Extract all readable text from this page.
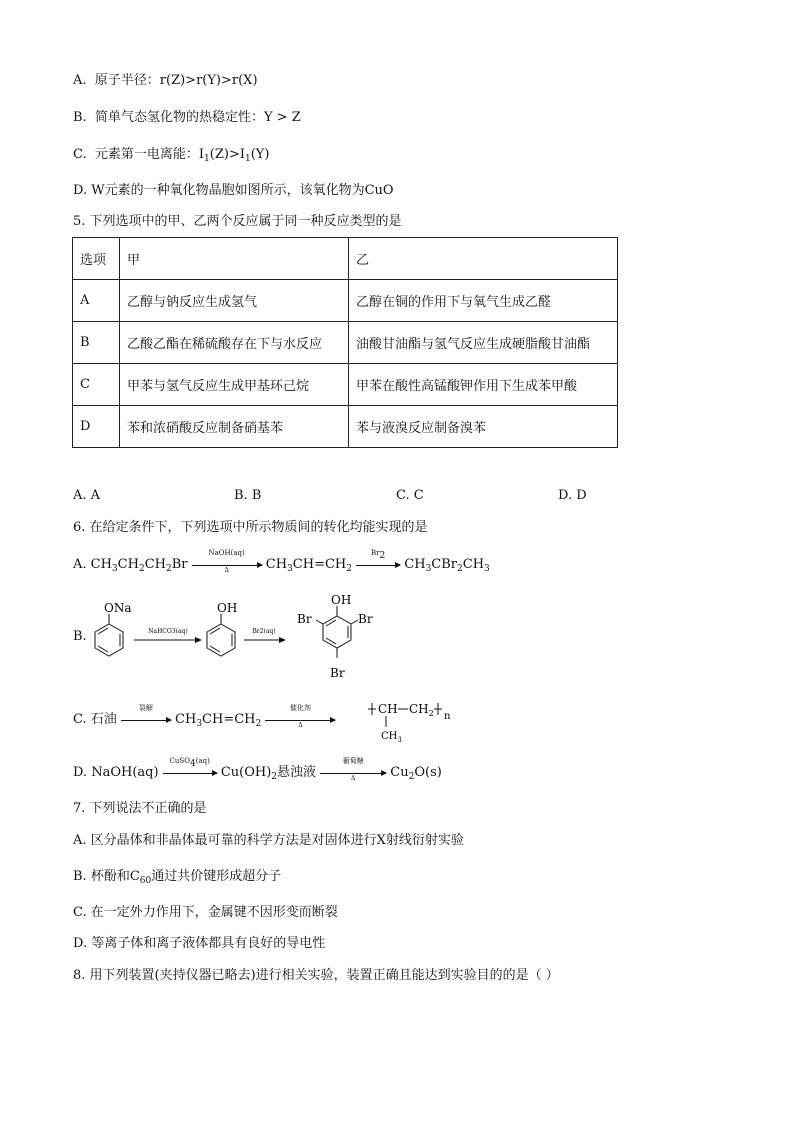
A.  原子半径：r(Z)>r(Y)>r(X)
B.  简单气态氢化物的热稳定性：Y > Z
C.  元素第一电离能：$I_1(Z)>I_1(Y)$
D. W元素的一种氧化物晶胞如图所示，该氧化物为CuO
5. 下列选项中的甲、乙两个反应属于同一种反应类型的是
选项	甲	乙
A	乙醇与钠反应生成氢气	乙醇在铜的作用下与氧气生成乙醛
B	乙酸乙酯在稀硫酸存在下与水反应	油酸甘油酯与氢气反应生成硬脂酸甘油酯
C	甲苯与氢气反应生成甲基环己烷	甲苯在酸性高锰酸钾作用下生成苯甲酸
D	苯和浓硝酸反应制备硝基苯	苯与液溴反应制备溴苯
A. A	B. B	C. C	D. D
6. 在给定条件下，下列选项中所示物质间的转化均能实现的是
A. $CH_3CH_2CH_2Br$
NaOH(aq)
Δ	$CH_3CH=CH_2$
$Br_2$
$CH_3CBr_2CH_3$
B.
ONa
NaHCO3(aq)
OH
Br2(aq)
OH
Br	Br
Br
C. 石油
裂解
$CH_3CH=CH_2$
催化剂
Δ
CH $CH_2$ n
$CH_3$
D. NaOH(aq)
CuSO$_4$(aq)
$Cu(OH)_2$悬浊液
葡萄糖
Δ	$Cu_2O(s)$
7. 下列说法不正确的是
A. 区分晶体和非晶体最可靠的科学方法是对固体进行X射线衍射实验
B. 杯酚和$C_{60}$通过共价键形成超分子
C. 在一定外力作用下，金属键不因形变而断裂
D. 等离子体和离子液体都具有良好的导电性
8. 用下列装置(夹持仪器已略去)进行相关实验，装置正确且能达到实验目的的是（ ）
